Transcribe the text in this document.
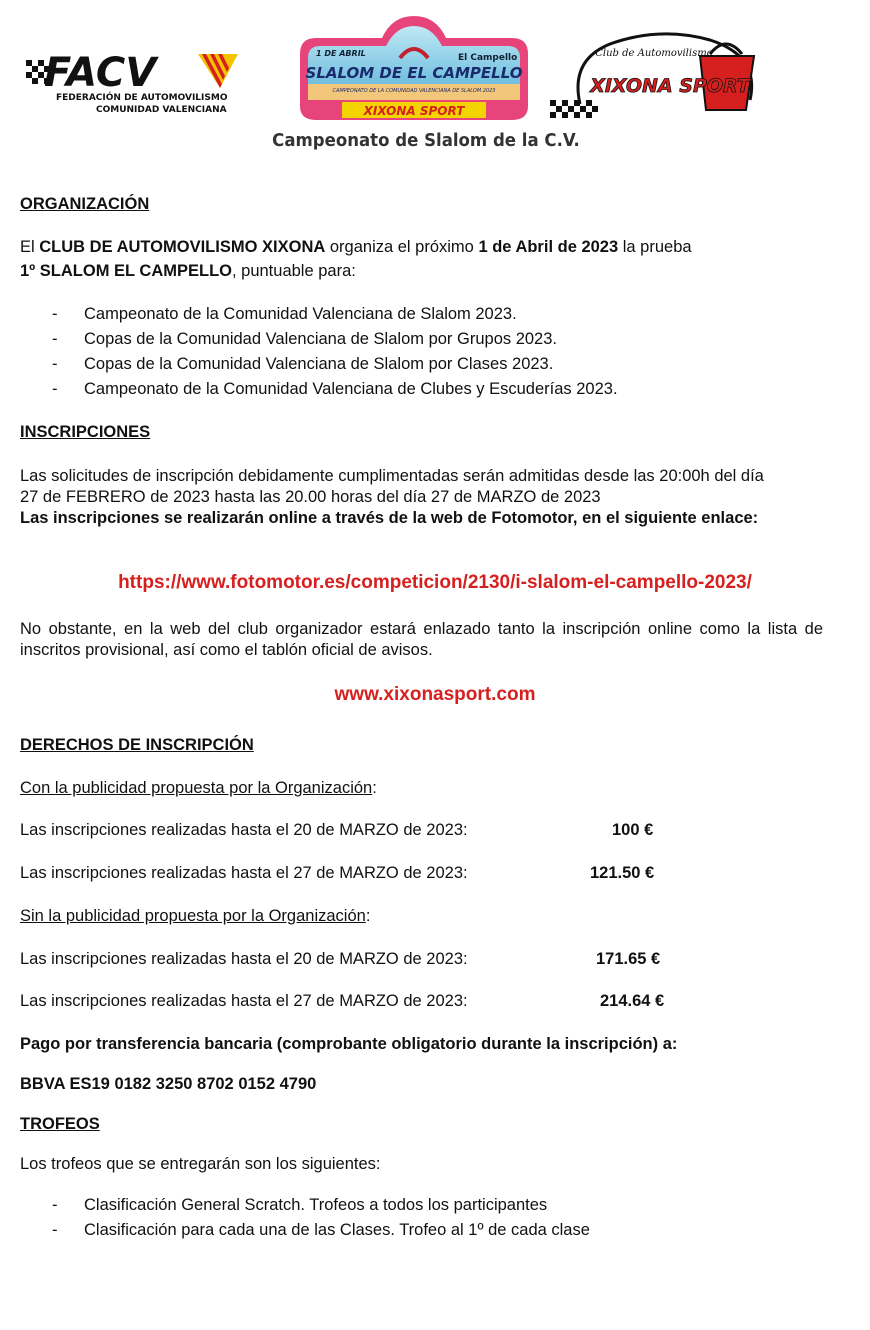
FACV
FEDERACIÓN DE AUTOMOVILISMO
COMUNIDAD VALENCIANA
1 DE ABRIL	El Campello
SLALOM DE EL CAMPELLO
CAMPEONATO DE LA COMUNIDAD VALENCIANA DE SLALOM 2023
XIXONA SPORT
Club de Automovilismo
XIXONA SPORT
Campeonato de Slalom de la C.V.
ORGANIZACIÓN
El CLUB DE AUTOMOVILISMO XIXONA organiza el próximo 1 de Abril de 2023 la prueba
1º SLALOM EL CAMPELLO, puntuable para:
- Campeonato de la Comunidad Valenciana de Slalom 2023.
- Copas de la Comunidad Valenciana de Slalom por Grupos 2023.
- Copas de la Comunidad Valenciana de Slalom por Clases 2023.
- Campeonato de la Comunidad Valenciana de Clubes y Escuderías 2023.
INSCRIPCIONES
Las solicitudes de inscripción debidamente cumplimentadas serán admitidas desde las 20:00h del día
27 de FEBRERO de 2023 hasta las 20.00 horas del día 27 de MARZO de 2023
Las inscripciones se realizarán online a través de la web de Fotomotor, en el siguiente enlace:
https://www.fotomotor.es/competicion/2130/i-slalom-el-campello-2023/
No obstante, en la web del club organizador estará enlazado tanto la inscripción online como la lista de inscritos provisional, así como el tablón oficial de avisos.
www.xixonasport.com
DERECHOS DE INSCRIPCIÓN
Con la publicidad propuesta por la Organización:
Las inscripciones realizadas hasta el 20 de MARZO de 2023:	100 €
Las inscripciones realizadas hasta el 27 de MARZO de 2023:	121.50 €
Sin la publicidad propuesta por la Organización:
Las inscripciones realizadas hasta el 20 de MARZO de 2023:	171.65 €
Las inscripciones realizadas hasta el 27 de MARZO de 2023:	214.64 €
Pago por transferencia bancaria (comprobante obligatorio durante la inscripción) a:
BBVA ES19 0182 3250 8702 0152 4790
TROFEOS
Los trofeos que se entregarán son los siguientes:
- Clasificación General Scratch. Trofeos a todos los participantes
- Clasificación para cada una de las Clases. Trofeo al 1º de cada clase
